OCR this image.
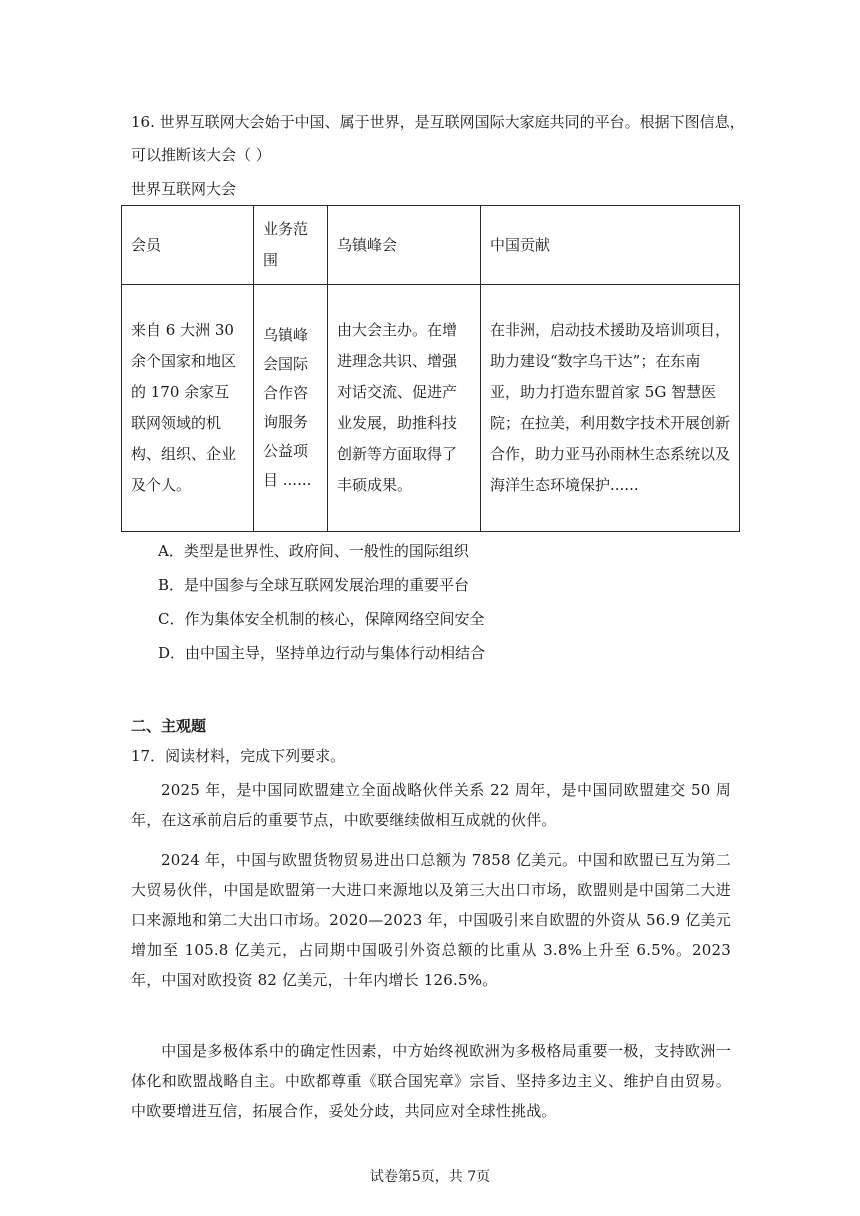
16. 世界互联网大会始于中国、属于世界，是互联网国际大家庭共同的平台。根据下图信息，
可以推断该大会（ ）
世界互联网大会
会员	业务范围	乌镇峰会	中国贡献

来自 6 大洲 30 余个国家和地区的 170 余家互联网领域的机构、组织、企业及个人。	乌镇峰会国际合作咨询服务公益项目 ......	由大会主办。在增进理念共识、增强对话交流、促进产业发展，助推科技创新等方面取得了丰硕成果。	在非洲，启动技术援助及培训项目，助力建设“数字乌干达”；在东南亚，助力打造东盟首家 5G 智慧医院；在拉美，利用数字技术开展创新合作，助力亚马孙雨林生态系统以及海洋生态环境保护......
A．类型是世界性、政府间、一般性的国际组织
B．是中国参与全球互联网发展治理的重要平台
C．作为集体安全机制的核心，保障网络空间安全
D．由中国主导，坚持单边行动与集体行动相结合
二、主观题
17．阅读材料，完成下列要求。

2025 年，是中国同欧盟建立全面战略伙伴关系 22 周年，是中国同欧盟建交 50 周年，在这承前启后的重要节点，中欧要继续做相互成就的伙伴。

2024 年，中国与欧盟货物贸易进出口总额为 7858 亿美元。中国和欧盟已互为第二大贸易伙伴，中国是欧盟第一大进口来源地以及第三大出口市场，欧盟则是中国第二大进口来源地和第二大出口市场。2020—2023 年，中国吸引来自欧盟的外资从 56.9 亿美元增加至 105.8 亿美元，占同期中国吸引外资总额的比重从 3.8%上升至 6.5%。2023 年，中国对欧投资 82 亿美元，十年内增长 126.5%。

中国是多极体系中的确定性因素，中方始终视欧洲为多极格局重要一极，支持欧洲一体化和欧盟战略自主。中欧都尊重《联合国宪章》宗旨、坚持多边主义、维护自由贸易。中欧要增进互信，拓展合作，妥处分歧，共同应对全球性挑战。

试卷第5页，共 7页
